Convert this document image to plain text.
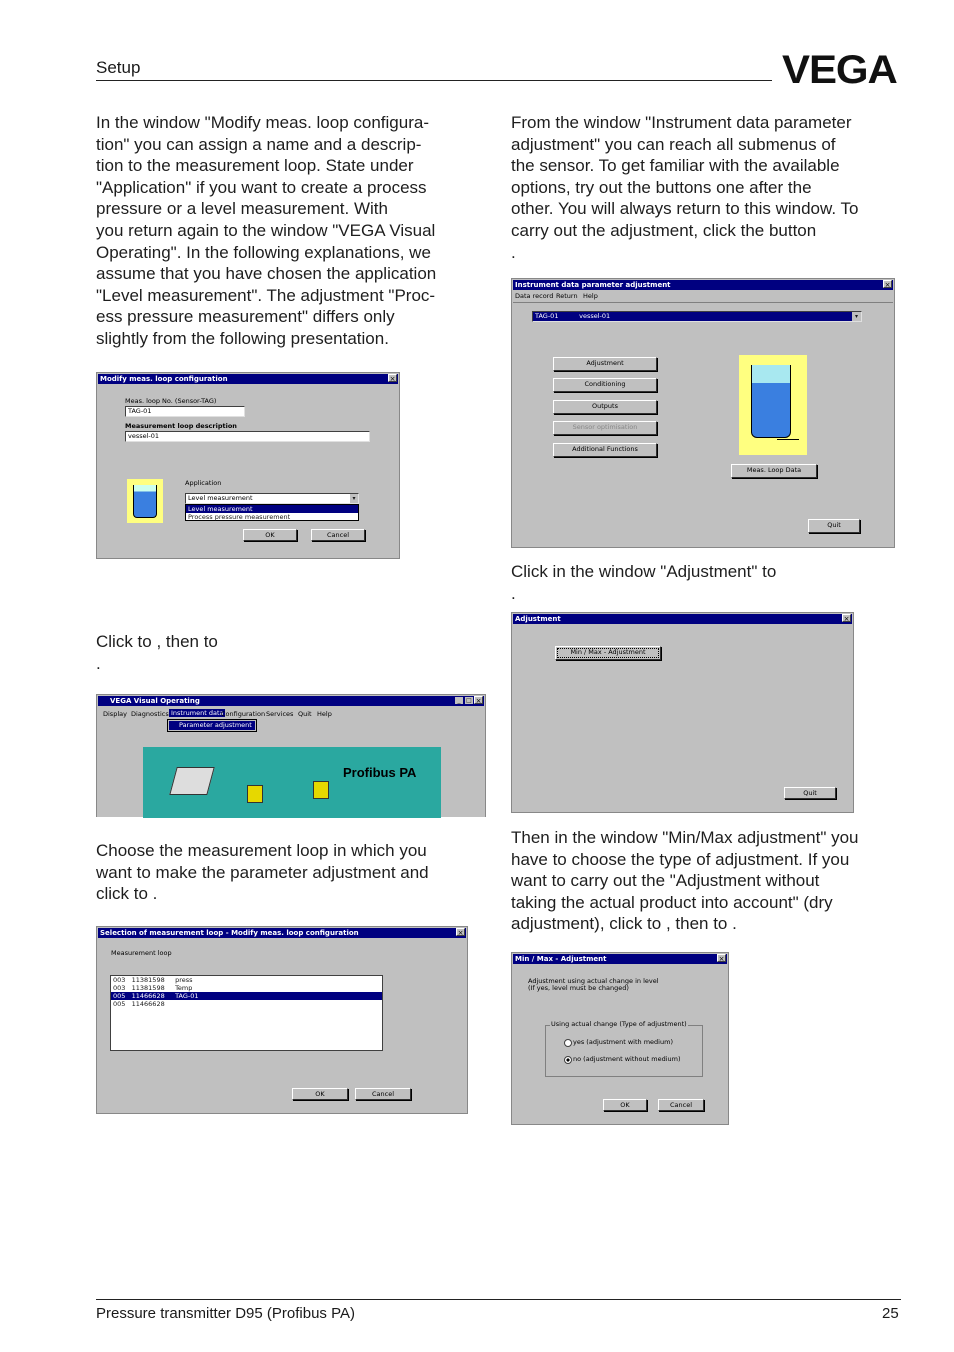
Setup	VEGA
In the window "Modify meas. loop configura-
tion" you can assign a name and a descrip-
tion to the measurement loop. State under
"Application" if you want to create a process
pressure or a level measurement. With
you return again to the window "VEGA Visual
Operating". In the following explanations, we
assume that you have chosen the application
"Level measurement". The adjustment "Proc-
ess pressure measurement" differs only
slightly from the following presentation.
Modify meas. loop configuration	×
Meas. loop No. (Sensor-TAG)
TAG-01
Measurement loop description
vessel-01
Application
Level measurement	▾
Level measurement
Process pressure measurement
OK	Cancel
Click to , then to
.
VEGA Visual Operating	_ □ ×
Display Diagnostics Instrument data
Configuration Services Quit Help
Parameter adjustment
Profibus PA
Choose the measurement loop in which you
want to make the parameter adjustment and
click to .
Selection of measurement loop - Modify meas. loop configuration	×
Measurement loop
003 11381598 press
003 11381598 Temp
005 11466628 TAG-01
005 11466628
OK	Cancel
From the window "Instrument data parameter
adjustment" you can reach all submenus of
the sensor. To get familiar with the available
options, try out the buttons one after the
other. You will always return to this window. To
carry out the adjustment, click the button
.
Instrument data parameter adjustment	×
Data record Return Help
TAG-01          vessel-01	▾
Adjustment
Conditioning
Outputs
Sensor optimisation
Additional Functions
Meas. Loop Data
Quit
Click in the window "Adjustment" to
.
Adjustment	×
Min / Max - Adjustment
Quit
Then in the window "Min/Max adjustment" you
have to choose the type of adjustment. If you
want to carry out the "Adjustment without
taking the actual product into account" (dry
adjustment), click to , then to .
Min / Max - Adjustment	×
Adjustment using actual change in level
(If yes, level must be changed)
Using actual change (Type of adjustment)
yes (adjustment with medium)
no (adjustment without medium)
OK	Cancel
Pressure transmitter D95 (Profibus PA)	25
